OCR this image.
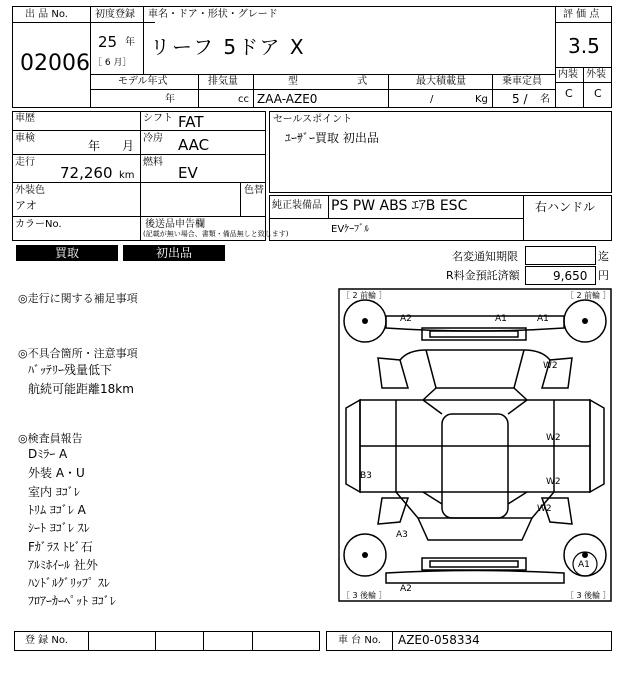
出 品 No.
02006
初度登録
25 年
［ 6 月］
車名・ドア・形状・グレード
リーフ 5ドア X
評 価 点
3.5
内装 外装
C C
モデル年式
年
排気量
cc
型 式
ZAA-AZE0
最大積載量
/	Kg
乗車定員
5 / 名
車歴
車検
年 月
走行
72,260 km
シフト FAT
冷房 AAC
燃料
EV
外装色
アオ
色替
カラーNo.	後送品申告欄
(記載が無い場合、書類・備品無しと致します)
セールスポイント
ﾕｰｻﾞｰ買取 初出品
純正装備品 PS PW ABS ｴｱB ESC	右ハンドル
EVｹｰﾌﾞﾙ
買取	初出品	名変通知期限	迄
R料金預託済額	9,650 円
◎走行に関する補足事項
◎不具合箇所・注意事項
ﾊﾞｯﾃﾘｰ残量低下
航続可能距離18km
◎検査員報告
Dﾐﾗｰ A
外装 A・U
室内 ﾖｺﾞﾚ
ﾄﾘﾑ ﾖｺﾞﾚ A
ｼｰﾄ ﾖｺﾞﾚ ｽﾚ
Fｶﾞﾗｽ ﾄﾋﾞ石
ｱﾙﾐﾎｲｰﾙ 社外
ﾊﾝﾄﾞﾙｸﾞﾘｯﾌﾟ ｽﾚ
ﾌﾛｱｰｶｰﾍﾟｯﾄ ﾖｺﾞﾚ
［ 2 前輪 ］	［ 2 前輪 ］
［ 3 後輪 ］	［ 3 後輪 ］
A2	A1	A1
W2
W2
W2
W2
B3
A3
A2
A1
登 録 No.	車 台 No. AZE0-058334
